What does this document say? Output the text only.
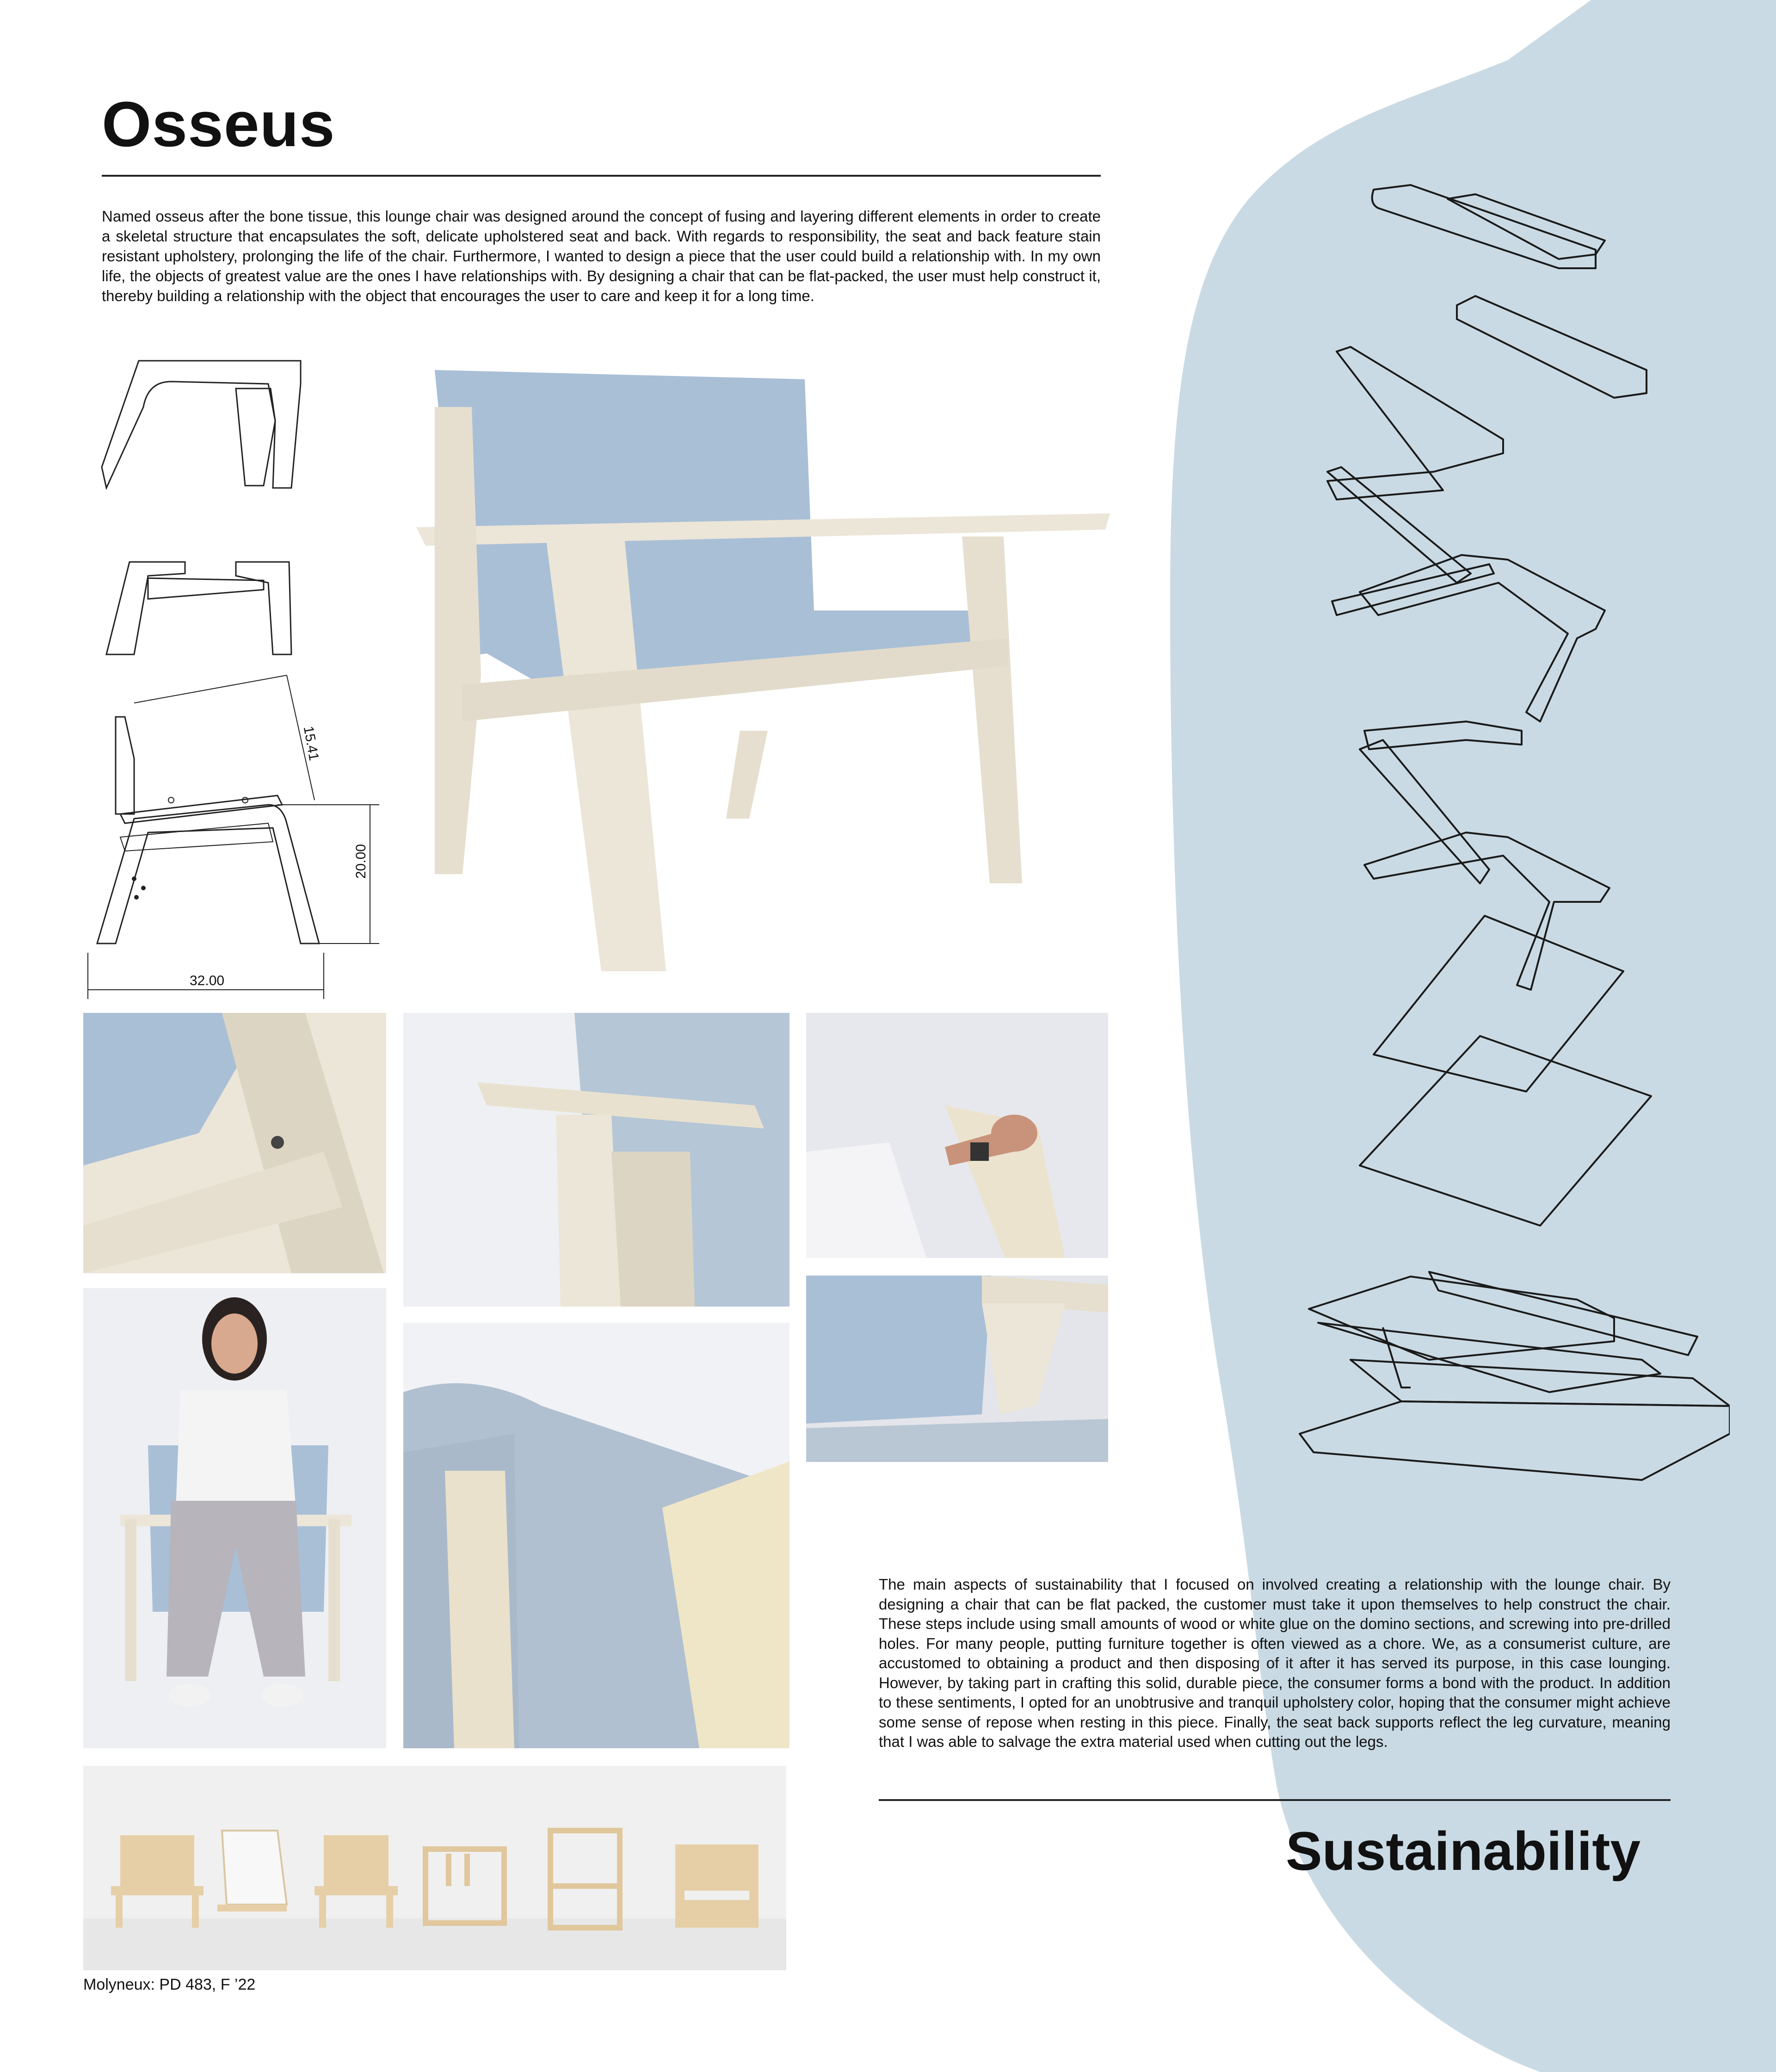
Osseus

Named osseus after the bone tissue, this lounge chair was designed around the concept of fusing and layering different elements in order to create a skeletal structure that encapsulates the soft, delicate upholstered seat and back. With regards to responsibility, the seat and back feature stain resistant upholstery, prolonging the life of the chair. Furthermore, I wanted to design a piece that the user could build a relationship with. In my own life, the objects of greatest value are the ones I have relationships with. By designing a chair that can be flat-packed, the user must help construct it, thereby building a relationship with the object that encourages the user to care and keep it for a long time.

15.41
20.00
32.00

The main aspects of sustainability that I focused on involved creating a relationship with the lounge chair. By designing a chair that can be flat packed, the customer must take it upon themselves to help construct the chair. These steps include using small amounts of wood or white glue on the domino sections, and screwing into pre-drilled holes. For many people, putting furniture together is often viewed as a chore. We, as a consumerist culture, are accustomed to obtaining a product and then disposing of it after it has served its purpose, in this case lounging. However, by taking part in crafting this solid, durable piece, the consumer forms a bond with the product. In addition to these sentiments, I opted for an unobtrusive and tranquil upholstery color, hoping that the consumer might achieve some sense of repose when resting in this piece. Finally, the seat back supports reflect the leg curvature, meaning that I was able to salvage the extra material used when cutting out the legs.

Sustainability
Molyneux: PD 483, F ’22
